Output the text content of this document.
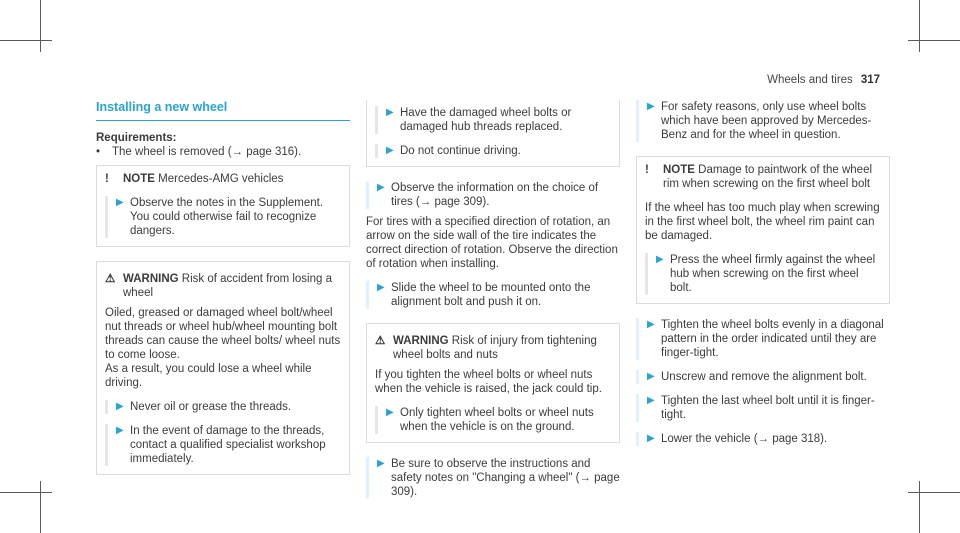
Wheels and tires 317
Installing a new wheel
Requirements:
•	The wheel is removed (→ page 316).
!	NOTE Mercedes-AMG vehicles
▶ Observe the notes in the Supplement. You could otherwise fail to recognize dangers.
⚠ WARNING Risk of accident from losing a wheel

Oiled, greased or damaged wheel bolt/wheel nut threads or wheel hub/wheel mounting bolt threads can cause the wheel bolts/ wheel nuts to come loose.

As a result, you could lose a wheel while driving.

▶ Never oil or grease the threads.
▶ In the event of damage to the threads, contact a qualified specialist workshop immediately.
▶ Have the damaged wheel bolts or damaged hub threads replaced.
▶ Do not continue driving.
▶ Observe the information on the choice of tires (→ page 309).

For tires with a specified direction of rotation, an arrow on the side wall of the tire indicates the correct direction of rotation. Observe the direction of rotation when installing.

▶ Slide the wheel to be mounted onto the alignment bolt and push it on.
⚠ WARNING Risk of injury from tightening wheel bolts and nuts

If you tighten the wheel bolts or wheel nuts when the vehicle is raised, the jack could tip.

▶ Only tighten wheel bolts or wheel nuts when the vehicle is on the ground.
▶ Be sure to observe the instructions and safety notes on "Changing a wheel" (→ page 309).
▶ For safety reasons, only use wheel bolts which have been approved by Mercedes-Benz and for the wheel in question.
!	NOTE Damage to paintwork of the wheel rim when screwing on the first wheel bolt

If the wheel has too much play when screwing in the first wheel bolt, the wheel rim paint can be damaged.

▶ Press the wheel firmly against the wheel hub when screwing on the first wheel bolt.
▶ Tighten the wheel bolts evenly in a diagonal pattern in the order indicated until they are finger-tight.
▶ Unscrew and remove the alignment bolt.
▶ Tighten the last wheel bolt until it is finger-tight.
▶ Lower the vehicle (→ page 318).
